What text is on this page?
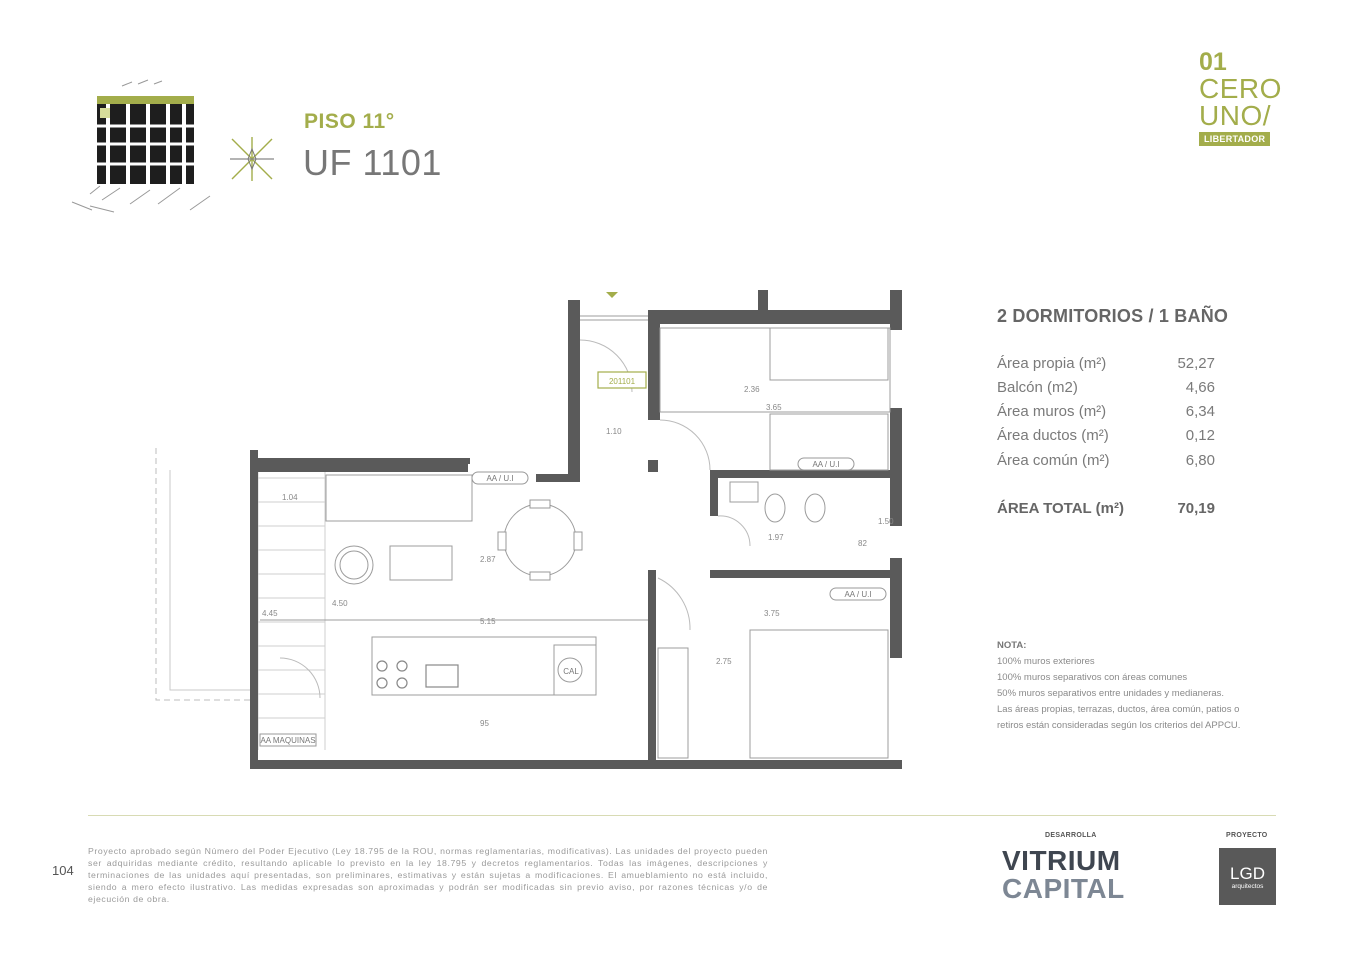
PISO 11°
UF 1101
01
CERO
UNO/
LIBERTADOR
201101
AA / U.I
AA / U.I
AA / U.I
CAL
AA MAQUINAS
1.04
1.10
2.36
3.65
2.87
4.50
4.45
5.15
1.97
82
1.50
3.75
2.75
95
2 DORMITORIOS / 1 BAÑO
Área propia (m²)	52,27
Balcón (m2)	4,66
Área muros (m²)	6,34
Área ductos (m²)	0,12
Área común (m²)	6,80
ÁREA TOTAL (m²)	70,19
NOTA:
100% muros exteriores
100% muros separativos con áreas comunes
50% muros separativos entre unidades y medianeras.
Las áreas propias, terrazas, ductos, área común, patios o
retiros están consideradas según los criterios del APPCU.
104
Proyecto aprobado según Número del Poder Ejecutivo (Ley 18.795 de la ROU, normas reglamentarias, modificativas). Las unidades del proyecto pueden ser adquiridas mediante crédito, resultando aplicable lo previsto en la ley 18.795 y decretos reglamentarios. Todas las imágenes, descripciones y terminaciones de las unidades aquí presentadas, son preliminares, estimativas y están sujetas a modificaciones. El amueblamiento no está incluido, siendo a mero efecto ilustrativo. Las medidas expresadas son aproximadas y podrán ser modificadas sin previo aviso, por razones técnicas y/o de ejecución de obra.
DESARROLLA
VITRIUM
CAPITAL
PROYECTO
LGD
arquitectos
